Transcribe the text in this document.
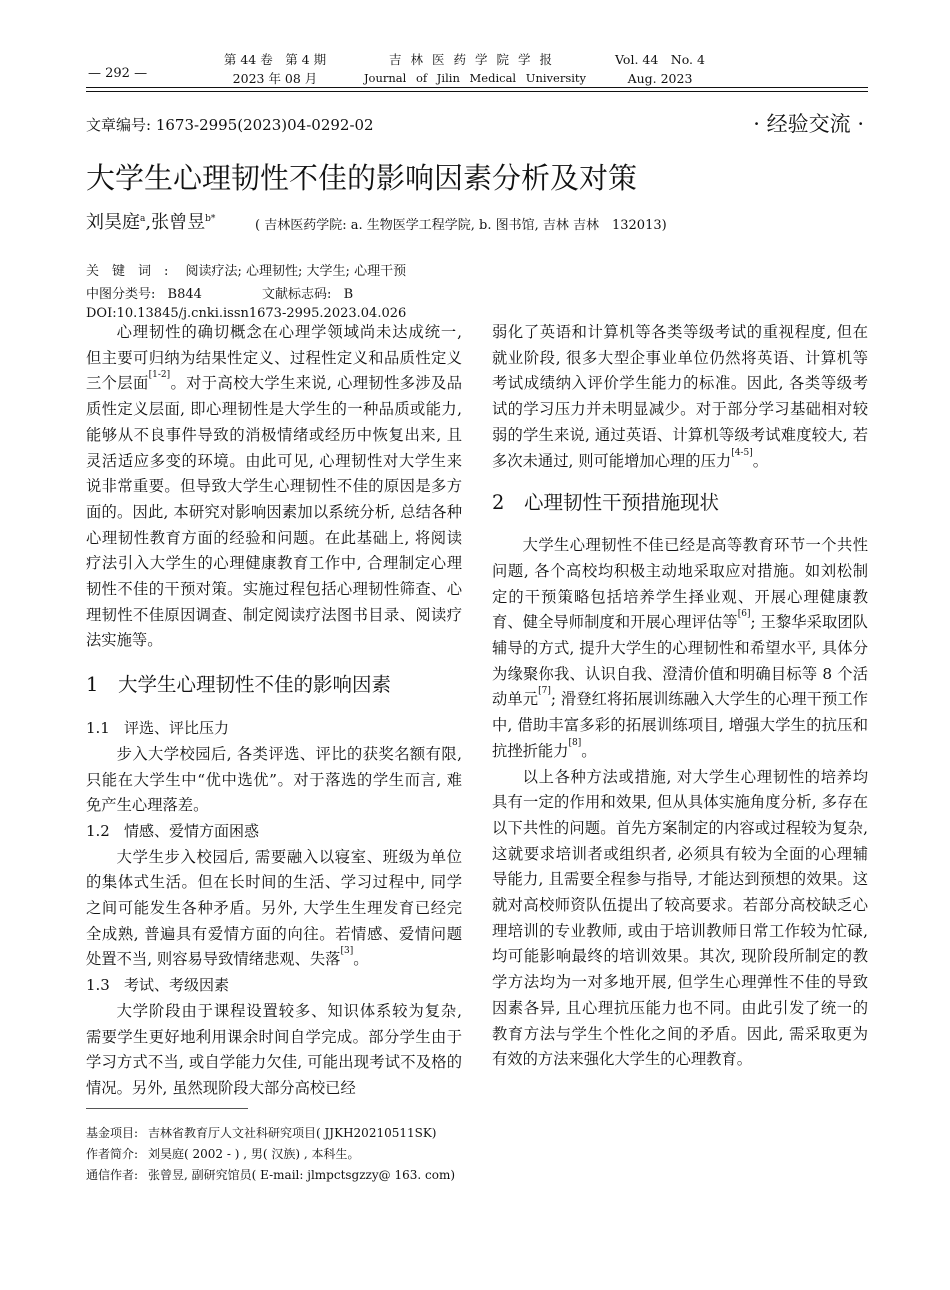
— 292 —
第 44 卷　第 4 期
2023 年 08 月
吉林医药学院学报
Journal of Jilin Medical University
Vol. 44　No. 4
Aug. 2023
文章编号: 1673-2995(2023)04-0292-02	· 经验交流 ·
大学生心理韧性不佳的影响因素分析及对策
刘昊庭$^a$,张曾昱$^{b*}$	( 吉林医药学院: a. 生物医学工程学院, b. 图书馆, 吉林 吉林　132013)
关键词: 阅读疗法; 心理韧性; 大学生; 心理干预
中图分类号: B844	文献标志码: B
DOI:10.13845/j.cnki.issn1673-2995.2023.04.026

心理韧性的确切概念在心理学领域尚未达成统一, 但主要可归纳为结果性定义、过程性定义和品质性定义三个层面[1-2]。对于高校大学生来说, 心理韧性多涉及品质性定义层面, 即心理韧性是大学生的一种品质或能力, 能够从不良事件导致的消极情绪或经历中恢复出来, 且灵活适应多变的环境。由此可见, 心理韧性对大学生来说非常重要。但导致大学生心理韧性不佳的原因是多方面的。因此, 本研究对影响因素加以系统分析, 总结各种心理韧性教育方面的经验和问题。在此基础上, 将阅读疗法引入大学生的心理健康教育工作中, 合理制定心理韧性不佳的干预对策。实施过程包括心理韧性筛查、心理韧性不佳原因调查、制定阅读疗法图书目录、阅读疗法实施等。

1 大学生心理韧性不佳的影响因素
1.1 评选、评比压力

步入大学校园后, 各类评选、评比的获奖名额有限, 只能在大学生中“优中选优”。对于落选的学生而言, 难免产生心理落差。

1.2 情感、爱情方面困惑

大学生步入校园后, 需要融入以寝室、班级为单位的集体式生活。但在长时间的生活、学习过程中, 同学之间可能发生各种矛盾。另外, 大学生生理发育已经完全成熟, 普遍具有爱情方面的向往。若情感、爱情问题处置不当, 则容易导致情绪悲观、失落[3]。

1.3 考试、考级因素

大学阶段由于课程设置较多、知识体系较为复杂, 需要学生更好地利用课余时间自学完成。部分学生由于学习方式不当, 或自学能力欠佳, 可能出现考试不及格的情况。另外, 虽然现阶段大部分高校已经

弱化了英语和计算机等各类等级考试的重视程度, 但在就业阶段, 很多大型企事业单位仍然将英语、计算机等考试成绩纳入评价学生能力的标准。因此, 各类等级考试的学习压力并未明显减少。对于部分学习基础相对较弱的学生来说, 通过英语、计算机等级考试难度较大, 若多次未通过, 则可能增加心理的压力[4-5]。

2 心理韧性干预措施现状

大学生心理韧性不佳已经是高等教育环节一个共性问题, 各个高校均积极主动地采取应对措施。如刘松制定的干预策略包括培养学生择业观、开展心理健康教育、健全导师制度和开展心理评估等[6]; 王黎华采取团队辅导的方式, 提升大学生的心理韧性和希望水平, 具体分为缘聚你我、认识自我、澄清价值和明确目标等 8 个活动单元[7]; 滑登红将拓展训练融入大学生的心理干预工作中, 借助丰富多彩的拓展训练项目, 增强大学生的抗压和抗挫折能力[8]。

以上各种方法或措施, 对大学生心理韧性的培养均具有一定的作用和效果, 但从具体实施角度分析, 多存在以下共性的问题。首先方案制定的内容或过程较为复杂, 这就要求培训者或组织者, 必须具有较为全面的心理辅导能力, 且需要全程参与指导, 才能达到预想的效果。这就对高校师资队伍提出了较高要求。若部分高校缺乏心理培训的专业教师, 或由于培训教师日常工作较为忙碌, 均可能影响最终的培训效果。其次, 现阶段所制定的教学方法均为一对多地开展, 但学生心理弹性不佳的导致因素各异, 且心理抗压能力也不同。由此引发了统一的教育方法与学生个性化之间的矛盾。因此, 需采取更为有效的方法来强化大学生的心理教育。

基金项目: 吉林省教育厅人文社科研究项目( JJKH20210511SK)
作者简介: 刘昊庭( 2002 - ) , 男( 汉族) , 本科生。
通信作者: 张曾昱, 副研究馆员( E-mail: jlmpctsgzzy@ 163. com)
